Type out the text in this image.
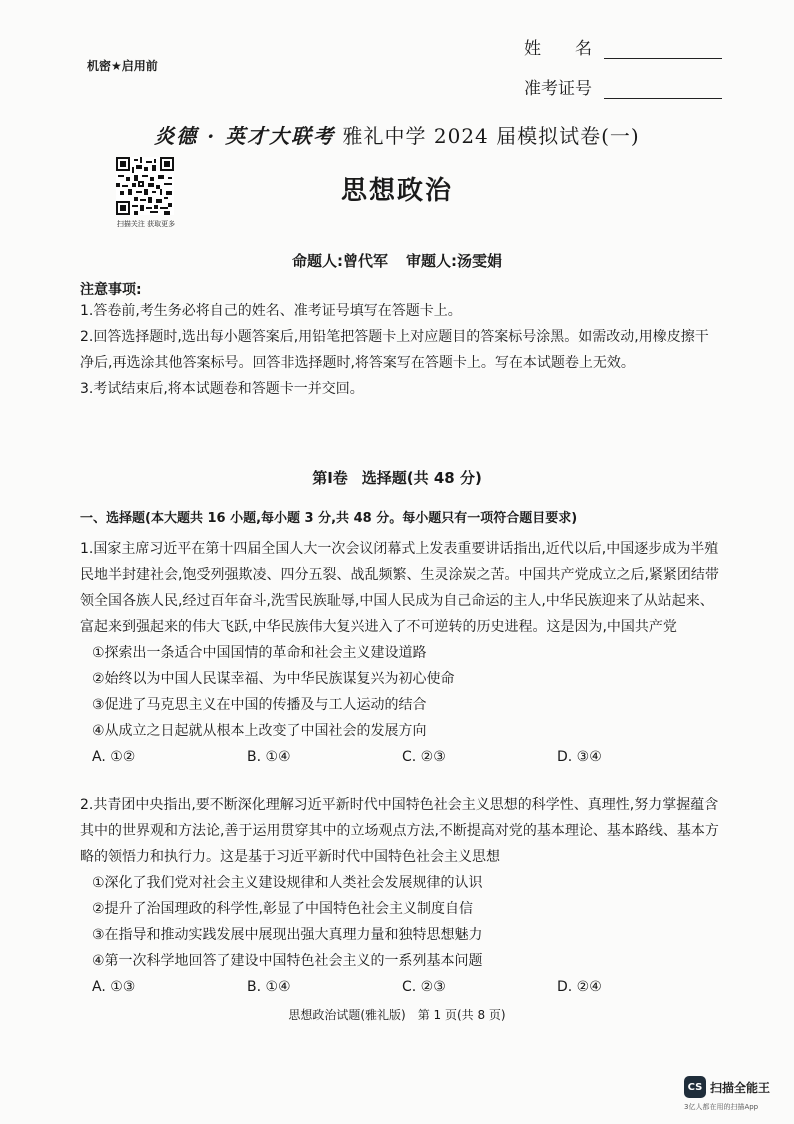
机密★启用前
姓　　名
准考证号
炎德 · 英才大联考 雅礼中学 2024 届模拟试卷(一)
扫描关注 获取更多
思想政治
命题人:曾代军 审题人:汤雯娟
注意事项:

1.答卷前,考生务必将自己的姓名、准考证号填写在答题卡上。

2.回答选择题时,选出每小题答案后,用铅笔把答题卡上对应题目的答案标号涂黑。如需改动,用橡皮擦干净后,再选涂其他答案标号。回答非选择题时,将答案写在答题卡上。写在本试题卷上无效。

3.考试结束后,将本试题卷和答题卡一并交回。

第Ⅰ卷 选择题(共 48 分)
一、选择题(本大题共 16 小题,每小题 3 分,共 48 分。每小题只有一项符合题目要求)

1.国家主席习近平在第十四届全国人大一次会议闭幕式上发表重要讲话指出,近代以后,中国逐步成为半殖民地半封建社会,饱受列强欺凌、四分五裂、战乱频繁、生灵涂炭之苦。中国共产党成立之后,紧紧团结带领全国各族人民,经过百年奋斗,洗雪民族耻辱,中国人民成为自己命运的主人,中华民族迎来了从站起来、富起来到强起来的伟大飞跃,中华民族伟大复兴进入了不可逆转的历史进程。这是因为,中国共产党

①探索出一条适合中国国情的革命和社会主义建设道路

②始终以为中国人民谋幸福、为中华民族谋复兴为初心使命

③促进了马克思主义在中国的传播及与工人运动的结合

④从成立之日起就从根本上改变了中国社会的发展方向

A. ①②	B. ①④	C. ②③	D. ③④

2.共青团中央指出,要不断深化理解习近平新时代中国特色社会主义思想的科学性、真理性,努力掌握蕴含其中的世界观和方法论,善于运用贯穿其中的立场观点方法,不断提高对党的基本理论、基本路线、基本方略的领悟力和执行力。这是基于习近平新时代中国特色社会主义思想

①深化了我们党对社会主义建设规律和人类社会发展规律的认识

②提升了治国理政的科学性,彰显了中国特色社会主义制度自信

③在指导和推动实践发展中展现出强大真理力量和独特思想魅力

④第一次科学地回答了建设中国特色社会主义的一系列基本问题

A. ①③	B. ①④	C. ②③	D. ②④
思想政治试题(雅礼版)　第 1 页(共 8 页)
CS 扫描全能王
3亿人都在用的扫描App
